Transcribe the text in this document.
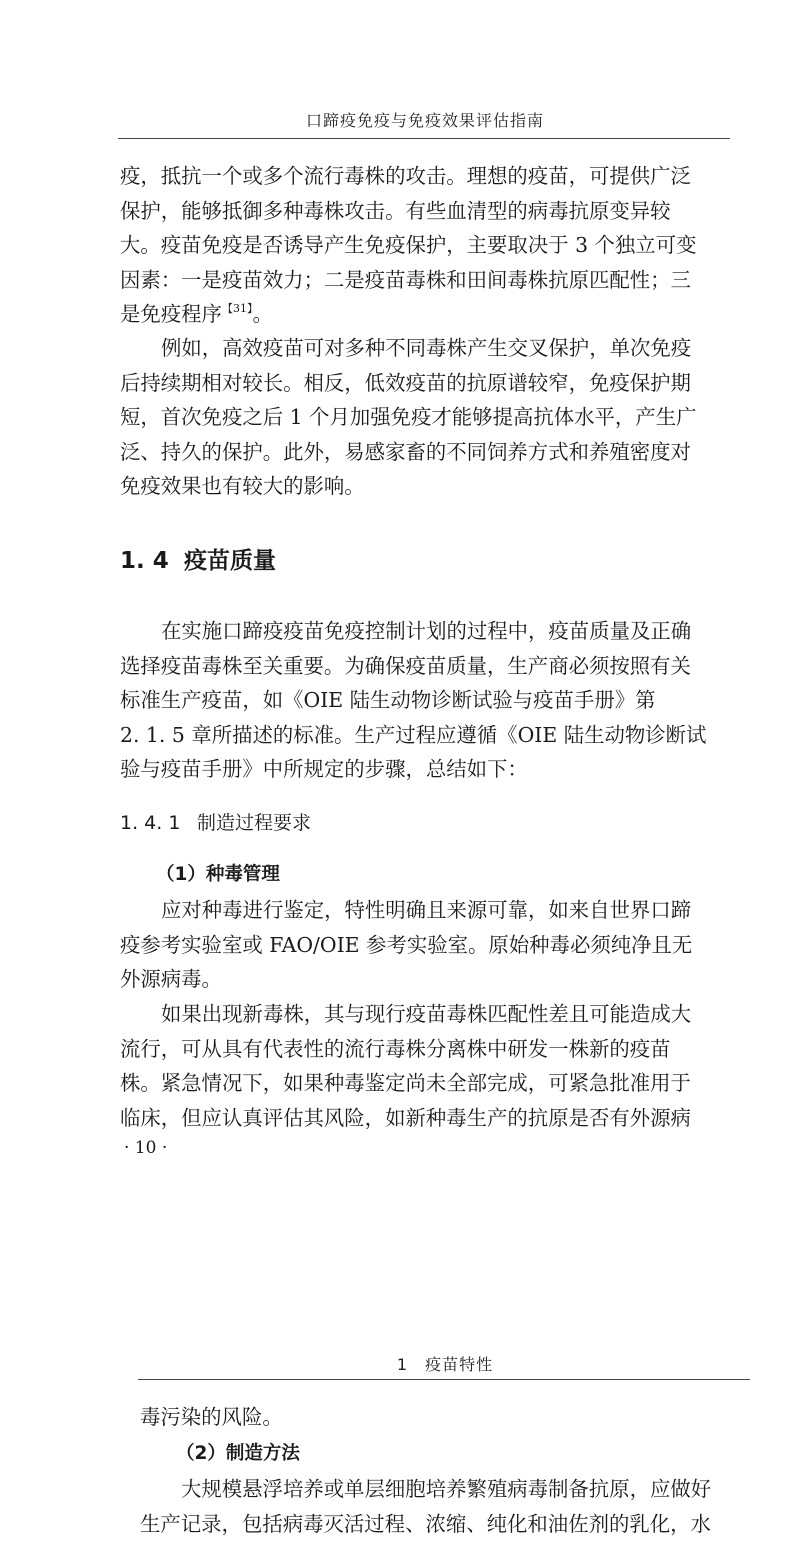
口蹄疫免疫与免疫效果评估指南
疫，抵抗一个或多个流行毒株的攻击。理想的疫苗，可提供广泛
保护，能够抵御多种毒株攻击。有些血清型的病毒抗原变异较
大。疫苗免疫是否诱导产生免疫保护，主要取决于 3 个独立可变
因素：一是疫苗效力；二是疫苗毒株和田间毒株抗原匹配性；三
是免疫程序$^{【31】}$。
例如，高效疫苗可对多种不同毒株产生交叉保护，单次免疫
后持续期相对较长。相反，低效疫苗的抗原谱较窄，免疫保护期
短，首次免疫之后 1 个月加强免疫才能够提高抗体水平，产生广
泛、持久的保护。此外，易感家畜的不同饲养方式和养殖密度对
免疫效果也有较大的影响。
1. 4 疫苗质量
在实施口蹄疫疫苗免疫控制计划的过程中，疫苗质量及正确
选择疫苗毒株至关重要。为确保疫苗质量，生产商必须按照有关
标准生产疫苗，如《OIE 陆生动物诊断试验与疫苗手册》第
2. 1. 5 章所描述的标准。生产过程应遵循《OIE 陆生动物诊断试
验与疫苗手册》中所规定的步骤，总结如下：
1. 4. 1 制造过程要求
（1）种毒管理
应对种毒进行鉴定，特性明确且来源可靠，如来自世界口蹄
疫参考实验室或 FAO/OIE 参考实验室。原始种毒必须纯净且无
外源病毒。
如果出现新毒株，其与现行疫苗毒株匹配性差且可能造成大
流行，可从具有代表性的流行毒株分离株中研发一株新的疫苗
株。紧急情况下，如果种毒鉴定尚未全部完成，可紧急批准用于
临床，但应认真评估其风险，如新种毒生产的抗原是否有外源病
· 10 ·
1　疫苗特性
毒污染的风险。
（2）制造方法
大规模悬浮培养或单层细胞培养繁殖病毒制备抗原，应做好
生产记录，包括病毒灭活过程、浓缩、纯化和油佐剂的乳化，水
